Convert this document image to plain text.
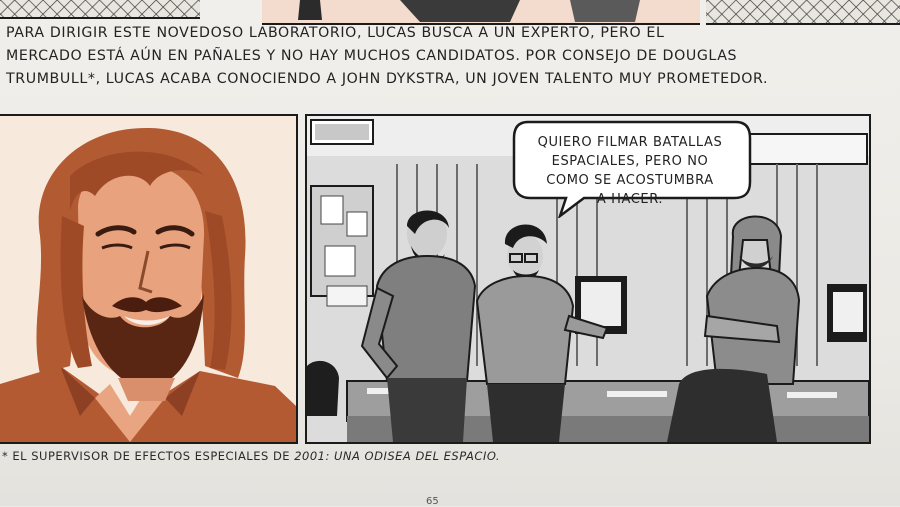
PARA DIRIGIR ESTE NOVEDOSO LABORATORIO, LUCAS BUSCA A UN EXPERTO, PERO EL

MERCADO ESTÁ AÚN EN PAÑALES Y NO HAY MUCHOS CANDIDATOS. POR CONSEJO DE DOUGLAS

TRUMBULL*, LUCAS ACABA CONOCIENDO A JOHN DYKSTRA, UN JOVEN TALENTO MUY PROMETEDOR.

QUIERO FILMAR BATALLAS

ESPACIALES, PERO NO

COMO SE ACOSTUMBRA

A HACER.

* EL SUPERVISOR DE EFECTOS ESPECIALES DE 2001: UNA ODISEA DEL ESPACIO.
65
